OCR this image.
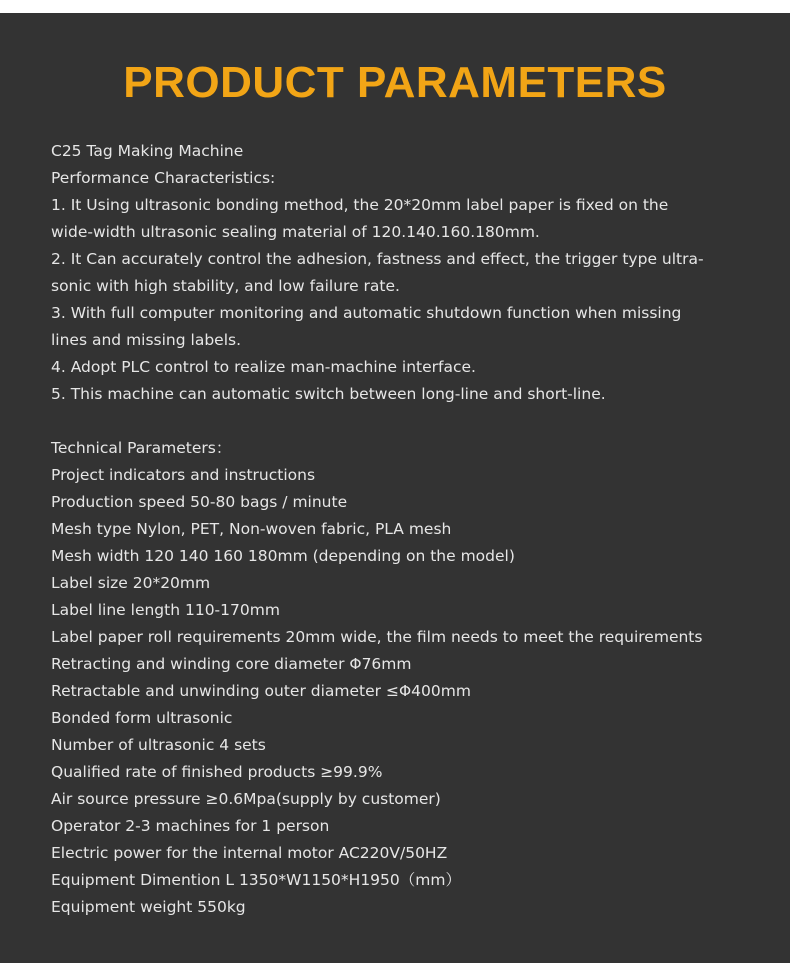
PRODUCT PARAMETERS

C25 Tag Making Machine

Performance Characteristics:

1. It Using ultrasonic bonding method, the 20*20mm label paper is fixed on the

wide-width ultrasonic sealing material of 120.140.160.180mm.

2. It Can accurately control the adhesion, fastness and effect, the trigger type ultra-

sonic with high stability, and low failure rate.

3. With full computer monitoring and automatic shutdown function when missing

lines and missing labels.

4. Adopt PLC control to realize man-machine interface.

5. This machine can automatic switch between long-line and short-line.

Technical Parameters：

Project indicators and instructions

Production speed 50-80 bags / minute

Mesh type Nylon, PET, Non-woven fabric, PLA mesh

Mesh width 120 140 160 180mm (depending on the model)

Label size 20*20mm

Label line length 110-170mm

Label paper roll requirements 20mm wide, the film needs to meet the requirements

Retracting and winding core diameter Φ76mm

Retractable and unwinding outer diameter ≤Φ400mm

Bonded form ultrasonic

Number of ultrasonic 4 sets

Qualified rate of finished products ≥99.9%

Air source pressure ≥0.6Mpa(supply by customer)

Operator 2-3 machines for 1 person

Electric power for the internal motor AC220V/50HZ

Equipment Dimention L 1350*W1150*H1950（mm）

Equipment weight 550kg
